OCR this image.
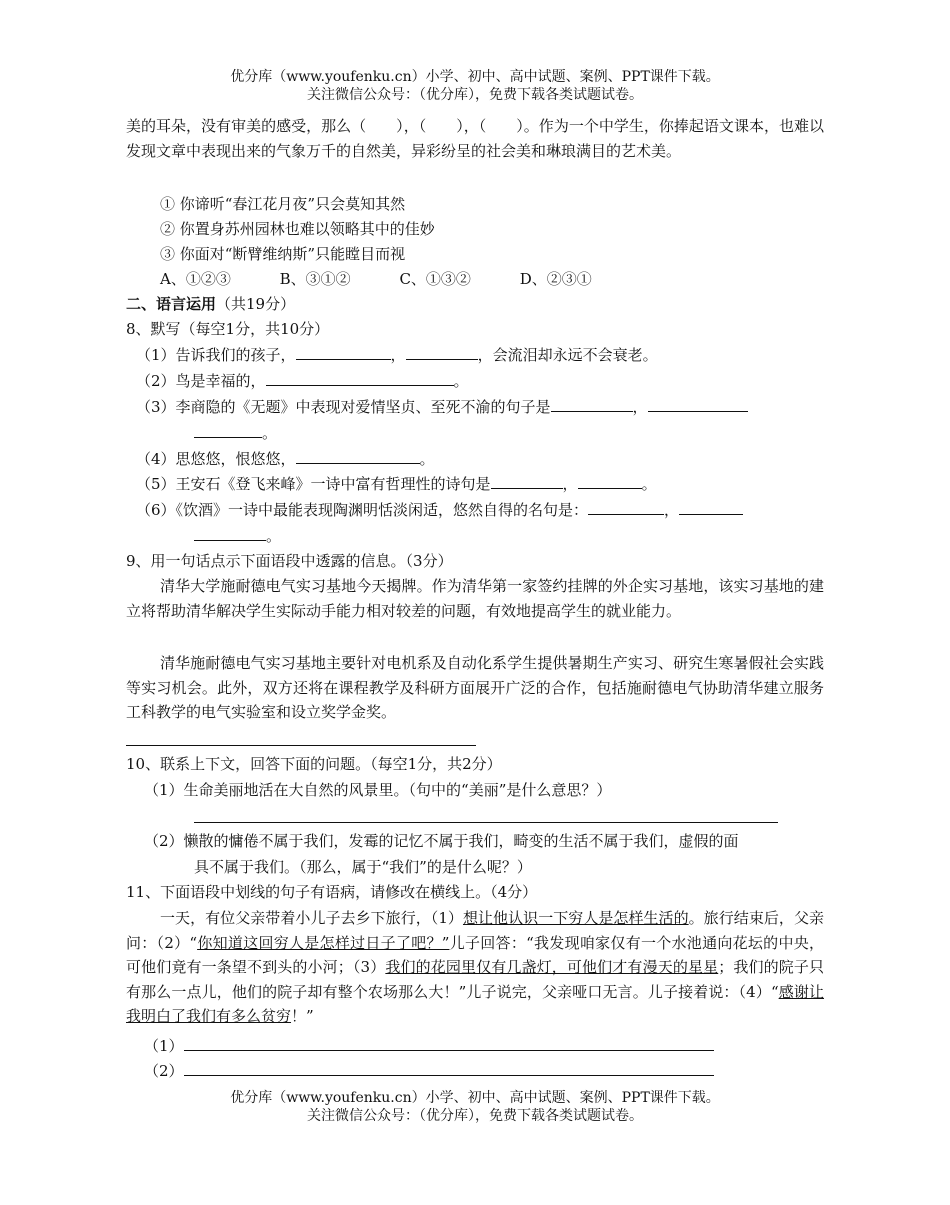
优分库（www.youfenku.cn）小学、初中、高中试题、案例、PPT课件下载。
关注微信公众号：（优分库），免费下载各类试题试卷。
美的耳朵，没有审美的感受，那么（　　），（　　），（　　）。作为一个中学生，你捧起语文课本，也难以发现文章中表现出来的气象万千的自然美，异彩纷呈的社会美和琳琅满目的艺术美。
① 你谛听“春江花月夜”只会莫知其然
② 你置身苏州园林也难以领略其中的佳妙
③ 你面对“断臂维纳斯”只能瞠目而视
A、①②③	B、③①②	C、①③②	D、②③①
二、语言运用（共19分）
8、默写（每空1分，共10分）
（1）告诉我们的孩子，	，	，会流泪却永远不会衰老。
（2）鸟是幸福的，	。
（3）李商隐的《无题》中表现对爱情坚贞、至死不渝的句子是	，
。
（4）思悠悠，恨悠悠，	。
（5）王安石《登飞来峰》一诗中富有哲理性的诗句是	，	。
（6）《饮酒》一诗中最能表现陶渊明恬淡闲适，悠然自得的名句是：	，
。
9、用一句话点示下面语段中透露的信息。（3分）
清华大学施耐德电气实习基地今天揭牌。作为清华第一家签约挂牌的外企实习基地，该实习基地的建立将帮助清华解决学生实际动手能力相对较差的问题，有效地提高学生的就业能力。
清华施耐德电气实习基地主要针对电机系及自动化系学生提供暑期生产实习、研究生寒暑假社会实践等实习机会。此外，双方还将在课程教学及科研方面展开广泛的合作，包括施耐德电气协助清华建立服务工科教学的电气实验室和设立奖学金奖。
10、联系上下文，回答下面的问题。（每空1分，共2分）
（1）生命美丽地活在大自然的风景里。（句中的“美丽”是什么意思？）
（2）懒散的慵倦不属于我们，发霉的记忆不属于我们，畸变的生活不属于我们，虚假的面
具不属于我们。（那么，属于“我们”的是什么呢？）
11、下面语段中划线的句子有语病，请修改在横线上。（4分）
一天，有位父亲带着小儿子去乡下旅行，（1）想让他认识一下穷人是怎样生活的。旅行结束后，父亲问：（2）“你知道这回穷人是怎样过日子了吧？”儿子回答：“我发现咱家仅有一个水池通向花坛的中央，可他们竟有一条望不到头的小河；（3）我们的花园里仅有几盏灯，可他们才有漫天的星星；我们的院子只有那么一点儿，他们的院子却有整个农场那么大！”儿子说完，父亲哑口无言。儿子接着说：（4）“感谢让我明白了我们有多么贫穷！”
（1）
（2）
优分库（www.youfenku.cn）小学、初中、高中试题、案例、PPT课件下载。
关注微信公众号：（优分库），免费下载各类试题试卷。
